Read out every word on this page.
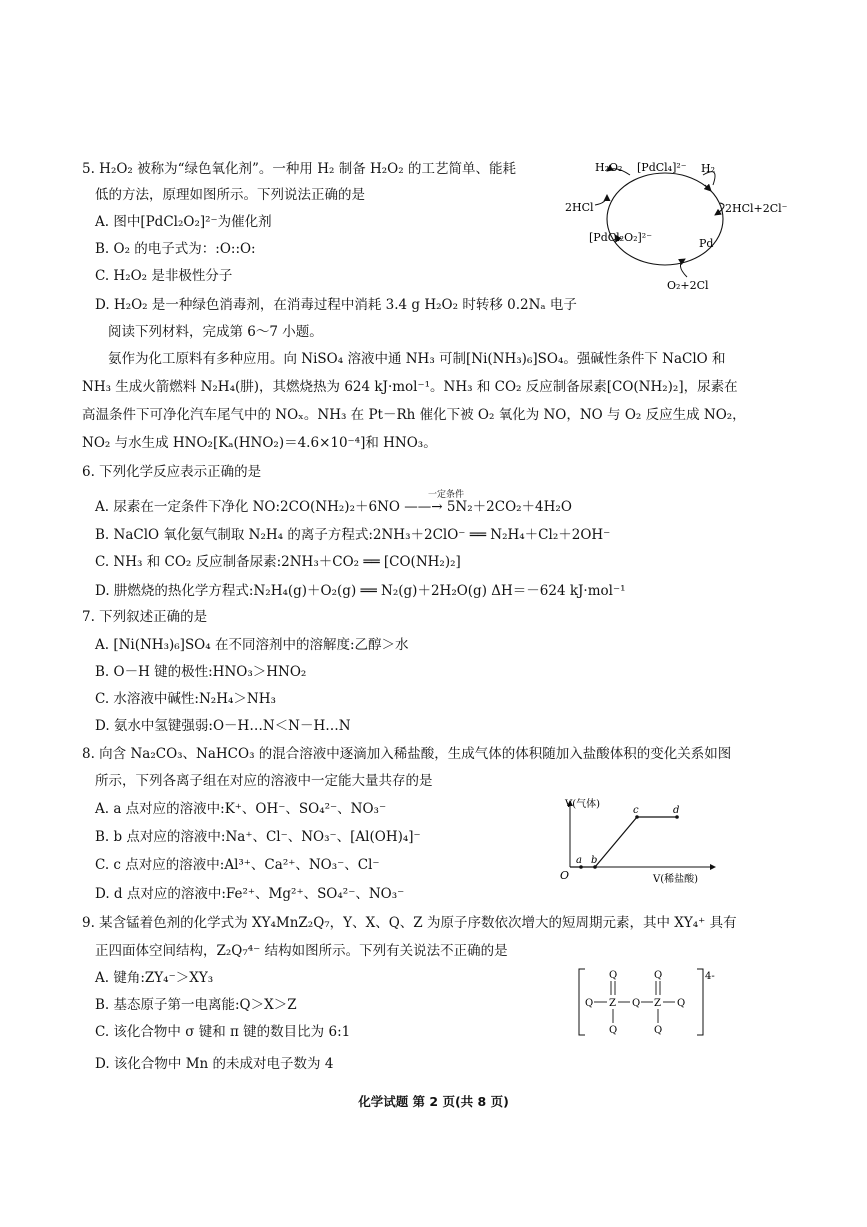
5. H₂O₂ 被称为“绿色氧化剂”。一种用 H₂ 制备 H₂O₂ 的工艺简单、能耗
低的方法，原理如图所示。下列说法正确的是
A. 图中[PdCl₂O₂]²⁻为催化剂
B. O₂ 的电子式为：:O::O:
C. H₂O₂ 是非极性分子
D. H₂O₂ 是一种绿色消毒剂，在消毒过程中消耗 3.4 g H₂O₂ 时转移 0.2Nₐ 电子
H₂O₂ [PdCl₄]²⁻ H₂
2HCl	2HCl+2Cl⁻
[PdCl₂O₂]²⁻	Pd
O₂+2Cl
阅读下列材料，完成第 6～7 小题。
氨作为化工原料有多种应用。向 NiSO₄ 溶液中通 NH₃ 可制[Ni(NH₃)₆]SO₄。强碱性条件下 NaClO 和
NH₃ 生成火箭燃料 N₂H₄(肼)，其燃烧热为 624 kJ·mol⁻¹。NH₃ 和 CO₂ 反应制备尿素[CO(NH₂)₂]，尿素在
高温条件下可净化汽车尾气中的 NOₓ。NH₃ 在 Pt－Rh 催化下被 O₂ 氧化为 NO，NO 与 O₂ 反应生成 NO₂，
NO₂ 与水生成 HNO₂[Kₐ(HNO₂)＝4.6×10⁻⁴]和 HNO₃。
6. 下列化学反应表示正确的是
一定条件
A. 尿素在一定条件下净化 NO:2CO(NH₂)₂＋6NO ——→ 5N₂＋2CO₂＋4H₂O
B. NaClO 氧化氨气制取 N₂H₄ 的离子方程式:2NH₃＋2ClO⁻ ══ N₂H₄＋Cl₂＋2OH⁻
C. NH₃ 和 CO₂ 反应制备尿素:2NH₃＋CO₂ ══ [CO(NH₂)₂]
D. 肼燃烧的热化学方程式:N₂H₄(g)＋O₂(g) ══ N₂(g)＋2H₂O(g) ΔH＝－624 kJ·mol⁻¹
7. 下列叙述正确的是
A. [Ni(NH₃)₆]SO₄ 在不同溶剂中的溶解度:乙醇＞水
B. O－H 键的极性:HNO₃＞HNO₂
C. 水溶液中碱性:N₂H₄＞NH₃
D. 氨水中氢键强弱:O－H…N＜N－H…N
8. 向含 Na₂CO₃、NaHCO₃ 的混合溶液中逐滴加入稀盐酸，生成气体的体积随加入盐酸体积的变化关系如图
所示，下列各离子组在对应的溶液中一定能大量共存的是
A. a 点对应的溶液中:K⁺、OH⁻、SO₄²⁻、NO₃⁻
B. b 点对应的溶液中:Na⁺、Cl⁻、NO₃⁻、[Al(OH)₄]⁻
C. c 点对应的溶液中:Al³⁺、Ca²⁺、NO₃⁻、Cl⁻
D. d 点对应的溶液中:Fe²⁺、Mg²⁺、SO₄²⁻、NO₃⁻
V(气体)
V(稀盐酸)
O
a b
c	d
9. 某含锰着色剂的化学式为 XY₄MnZ₂Q₇，Y、X、Q、Z 为原子序数依次增大的短周期元素，其中 XY₄⁺ 具有
正四面体空间结构，Z₂Q₇⁴⁻ 结构如图所示。下列有关说法不正确的是
A. 键角:ZY₄⁻＞XY₃
B. 基态原子第一电离能:Q＞X＞Z
C. 该化合物中 σ 键和 π 键的数目比为 6:1
D. 该化合物中 Mn 的未成对电子数为 4
4-
Q	Q
Q Z Q Z Q
Q	Q
化学试题 第 2 页(共 8 页)
